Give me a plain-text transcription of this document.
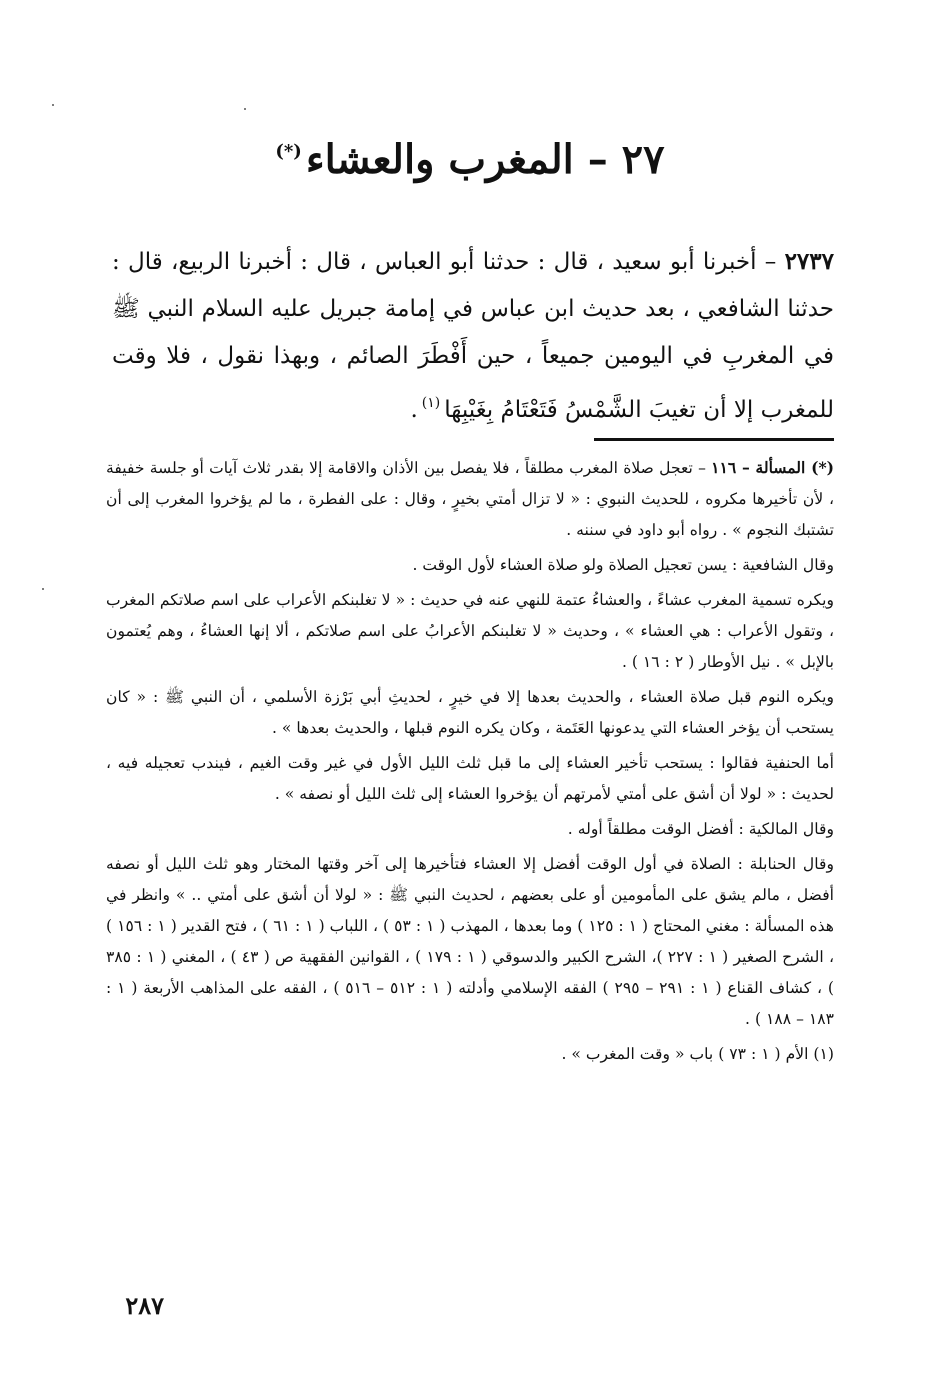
٢٧ – المغرب والعشاء(*)
٢٧٣٧ – أخبرنا أبو سعيد ، قال : حدثنا أبو العباس ، قال : أخبرنا الربيع، قال : حدثنا الشافعي ، بعد حديث ابن عباس في إمامة جبريل عليه السلام النبي ﷺ في المغربِ في اليومين جميعاً ، حين أَفْطَرَ الصائم ، وبهذا نقول ، فلا وقت للمغرب إلا أن تغيبَ الشَّمْسُ فَتَعْتَامُ بِغَيْبِهَا$^{(١)}$.

(*) المسألة – ١١٦ – تعجل صلاة المغرب مطلقاً ، فلا يفصل بين الأذان والاقامة إلا بقدر ثلاث آيات أو جلسة خفيفة ، لأن تأخيرها مكروه ، للحديث النبوي : « لا تزال أمتي بخيرٍ ، وقال : على الفطرة ، ما لم يؤخروا المغرب إلى أن تشتبك النجوم » . رواه أبو داود في سننه .

وقال الشافعية : يسن تعجيل الصلاة ولو صلاة العشاء لأول الوقت .

ويكره تسمية المغرب عشاءً ، والعشاءُ عتمة للنهي عنه في حديث : « لا تغلبنكم الأعراب على اسم صلاتكم المغرب ، وتقول الأعراب : هي العشاء » ، وحديث « لا تغلبنكم الأعرابُ على اسم صلاتكم ، ألا إنها العشاءُ ، وهم يُعتمون بالإبل » . نيل الأوطار ( ٢ : ١٦ ) .

ويكره النوم قبل صلاة العشاء ، والحديث بعدها إلا في خيرٍ ، لحديثِ أبي بَرْزة الأسلمي ، أن النبي ﷺ : « كان يستحب أن يؤخر العشاء التي يدعونها العَتَمة ، وكان يكره النوم قبلها ، والحديث بعدها » .

أما الحنفية فقالوا : يستحب تأخير العشاء إلى ما قبل ثلث الليل الأول في غير وقت الغيم ، فيندب تعجيله فيه ، لحديث : « لولا أن أشق على أمتي لأمرتهم أن يؤخروا العشاء إلى ثلث الليل أو نصفه » .

وقال المالكية : أفضل الوقت مطلقاً أوله .

وقال الحنابلة : الصلاة في أول الوقت أفضل إلا العشاء فتأخيرها إلى آخر وقتها المختار وهو ثلث الليل أو نصفه أفضل ، مالم يشق على المأمومين أو على بعضهم ، لحديث النبي ﷺ : « لولا أن أشق على أمتي .. » وانظر في هذه المسألة : مغني المحتاج ( ١ : ١٢٥ ) وما بعدها ، المهذب ( ١ : ٥٣ ) ، اللباب ( ١ : ٦١ ) ، فتح القدير ( ١ : ١٥٦ ) ، الشرح الصغير ( ١ : ٢٢٧ )، الشرح الكبير والدسوقي ( ١ : ١٧٩ ) ، القوانين الفقهية ص ( ٤٣ ) ، المغني ( ١ : ٣٨٥ ) ، كشاف القناع ( ١ : ٢٩١ – ٢٩٥ ) الفقه الإسلامي وأدلته ( ١ : ٥١٢ – ٥١٦ ) ، الفقه على المذاهب الأربعة ( ١ : ١٨٣ – ١٨٨ ) .

(١) الأم ( ١ : ٧٣ ) باب « وقت المغرب » .

٢٨٧
